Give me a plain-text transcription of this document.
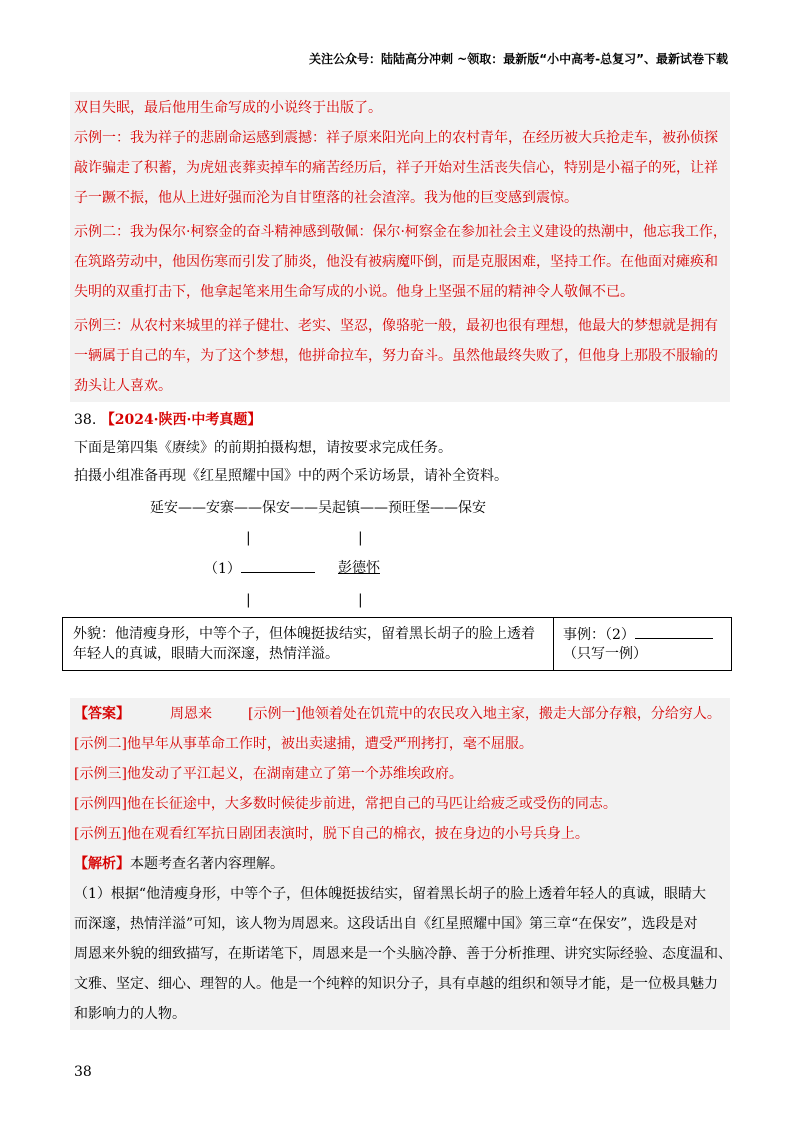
关注公众号：陆陆高分冲刺 ~领取：最新版“小中高考-总复习”、最新试卷下载
双目失眠，最后他用生命写成的小说终于出版了。
示例一：我为祥子的悲剧命运感到震撼：祥子原来阳光向上的农村青年，在经历被大兵抢走车，被孙侦探
敲诈骗走了积蓄，为虎妞丧葬卖掉车的痛苦经历后，祥子开始对生活丧失信心，特别是小福子的死，让祥
子一蹶不振，他从上进好强而沦为自甘堕落的社会渣滓。我为他的巨变感到震惊。
示例二：我为保尔·柯察金的奋斗精神感到敬佩：保尔·柯察金在参加社会主义建设的热潮中，他忘我工作，
在筑路劳动中，他因伤寒而引发了肺炎，他没有被病魔吓倒，而是克服困难，坚持工作。在他面对瘫痪和
失明的双重打击下，他拿起笔来用生命写成的小说。他身上坚强不屈的精神令人敬佩不已。
示例三：从农村来城里的祥子健壮、老实、坚忍，像骆驼一般，最初也很有理想，他最大的梦想就是拥有
一辆属于自己的车，为了这个梦想，他拼命拉车，努力奋斗。虽然他最终失败了，但他身上那股不服输的
劲头让人喜欢。
38. 【2024·陕西·中考真题】
下面是第四集《赓续》的前期拍摄构想，请按要求完成任务。
拍摄小组准备再现《红星照耀中国》中的两个采访场景，请补全资料。
延安——安寨——保安——吴起镇——预旺堡——保安
|	|
（1）	彭德怀
|	|
外貌：他清瘦身形，中等个子，但体魄挺拔结实，留着黑长胡子的脸上透着
年轻人的真诚，眼睛大而深邃，热情洋溢。
事例：（2）
（只写一例）
【答案】	周恩来	[示例一]他领着处在饥荒中的农民攻入地主家，搬走大部分存粮，分给穷人。
[示例二]他早年从事革命工作时，被出卖逮捕，遭受严刑拷打，毫不屈服。
[示例三]他发动了平江起义，在湖南建立了第一个苏维埃政府。
[示例四]他在长征途中，大多数时候徒步前进，常把自己的马匹让给疲乏或受伤的同志。
[示例五]他在观看红军抗日剧团表演时，脱下自己的棉衣，披在身边的小号兵身上。
【解析】本题考查名著内容理解。
（1）根据“他清瘦身形，中等个子，但体魄挺拔结实，留着黑长胡子的脸上透着年轻人的真诚，眼睛大
而深邃，热情洋溢”可知，该人物为周恩来。这段话出自《红星照耀中国》第三章“在保安”，选段是对
周恩来外貌的细致描写，在斯诺笔下，周恩来是一个头脑冷静、善于分析推理、讲究实际经验、态度温和、
文雅、坚定、细心、理智的人。他是一个纯粹的知识分子，具有卓越的组织和领导才能，是一位极具魅力
和影响力的人物。
38
